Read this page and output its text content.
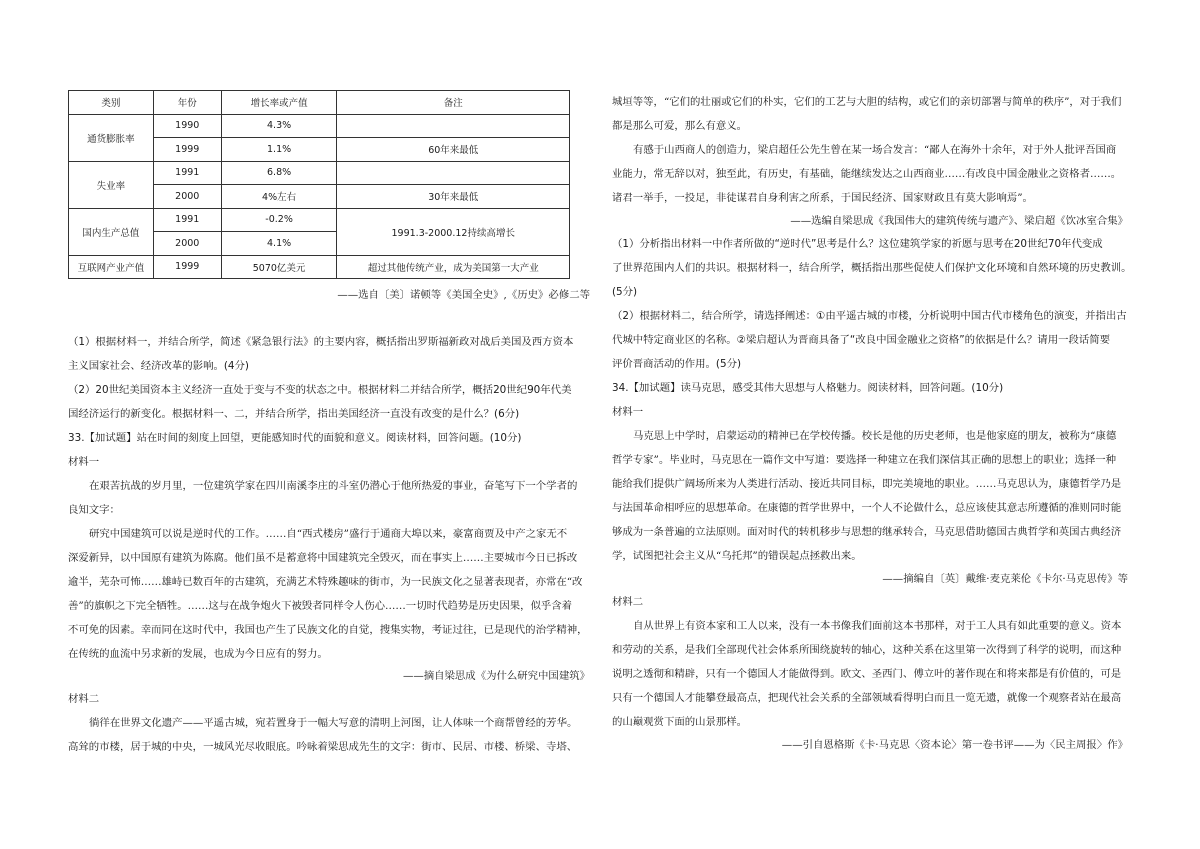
类别	年份	增长率或产值	备注
通货膨胀率	1990	4.3%	
	1999	1.1%	60年来最低
失业率	1991	6.8%	
	2000	4%左右	30年来最低
国内生产总值	1991	-0.2%	1991.3-2000.12持续高增长
	2000	4.1%	
互联网产业产值	1999	5070亿美元	超过其他传统产业，成为美国第一大产业
——选自〔美〕诺顿等《美国全史》,《历史》必修二等
（1）根据材料一，并结合所学，简述《紧急银行法》的主要内容，概括指出罗斯福新政对战后美国及西方资本
主义国家社会、经济改革的影响。(4分)
（2）20世纪美国资本主义经济一直处于变与不变的状态之中。根据材料二并结合所学，概括20世纪90年代美
国经济运行的新变化。根据材料一、二，并结合所学，指出美国经济一直没有改变的是什么？(6分)
33.【加试题】站在时间的刻度上回望，更能感知时代的面貌和意义。阅读材料，回答问题。(10分)
材料一
在艰苦抗战的岁月里，一位建筑学家在四川南溪李庄的斗室仍潜心于他所热爱的事业，奋笔写下一个学者的
良知文字：
研究中国建筑可以说是逆时代的工作。……自“西式楼房”盛行于通商大埠以来，豪富商贾及中产之家无不
深爱新异，以中国原有建筑为陈腐。他们虽不是蓄意将中国建筑完全毁灭，而在事实上……主要城市今日已拆改
逾半，芜杂可怖……雄峙已数百年的古建筑，充满艺术特殊趣味的街市，为一民族文化之显著表现者，亦常在“改
善”的旗帜之下完全牺牲。……这与在战争炮火下被毁者同样令人伤心……一切时代趋势是历史因果，似乎含着
不可免的因素。幸而同在这时代中，我国也产生了民族文化的自觉，搜集实物，考证过往，已是现代的治学精神，
在传统的血流中另求新的发展，也成为今日应有的努力。
——摘自梁思成《为什么研究中国建筑》
材料二
徜徉在世界文化遗产——平遥古城，宛若置身于一幅大写意的清明上河图，让人体味一个商帮曾经的芳华。
高耸的市楼，居于城的中央，一城风光尽收眼底。吟咏着梁思成先生的文字：街市、民居、市楼、桥梁、寺塔、
城垣等等，“它们的壮丽或它们的朴实，它们的工艺与大胆的结构，或它们的亲切部署与简单的秩序”，对于我们
都是那么可爱，那么有意义。
有感于山西商人的创造力，梁启超任公先生曾在某一场合发言：“鄙人在海外十余年，对于外人批评吾国商
业能力，常无辞以对，独至此，有历史，有基础，能继续发达之山西商业……有改良中国金融业之资格者……。
诸君一举手，一投足，非徒谋君自身利害之所系，于国民经济、国家财政且有莫大影响焉”。
——选编自梁思成《我国伟大的建筑传统与遗产》、梁启超《饮冰室合集》
（1）分析指出材料一中作者所做的“逆时代”思考是什么？这位建筑学家的祈愿与思考在20世纪70年代变成
了世界范围内人们的共识。根据材料一，结合所学，概括指出那些促使人们保护文化环境和自然环境的历史教训。
(5分)
（2）根据材料二，结合所学，请选择阐述：①由平遥古城的市楼，分析说明中国古代市楼角色的演变，并指出古
代城中特定商业区的名称。②梁启超认为晋商具备了“改良中国金融业之资格”的依据是什么？请用一段话简要
评价晋商活动的作用。(5分)
34.【加试题】读马克思，感受其伟大思想与人格魅力。阅读材料，回答问题。(10分)
材料一
马克思上中学时，启蒙运动的精神已在学校传播。校长是他的历史老师，也是他家庭的朋友，被称为“康德
哲学专家”。毕业时，马克思在一篇作文中写道：要选择一种建立在我们深信其正确的思想上的职业；选择一种
能给我们提供广阔场所来为人类进行活动、接近共同目标，即完美境地的职业。……马克思认为，康德哲学乃是
与法国革命相呼应的思想革命。在康德的哲学世界中，一个人不论做什么，总应该使其意志所遵循的准则同时能
够成为一条普遍的立法原则。面对时代的转机移步与思想的继承转合，马克思借助德国古典哲学和英国古典经济
学，试图把社会主义从“乌托邦”的错误起点拯救出来。
——摘编自〔英〕戴维·麦克莱伦《卡尔·马克思传》等
材料二
自从世界上有资本家和工人以来，没有一本书像我们面前这本书那样，对于工人具有如此重要的意义。资本
和劳动的关系，是我们全部现代社会体系所围绕旋转的轴心，这种关系在这里第一次得到了科学的说明，而这种
说明之透彻和精辟，只有一个德国人才能做得到。欧文、圣西门、傅立叶的著作现在和将来都是有价值的，可是
只有一个德国人才能攀登最高点，把现代社会关系的全部领域看得明白而且一览无遗，就像一个观察者站在最高
的山巅观赏下面的山景那样。
——引自恩格斯《卡·马克思〈资本论〉第一卷书评——为〈民主周报〉作》
